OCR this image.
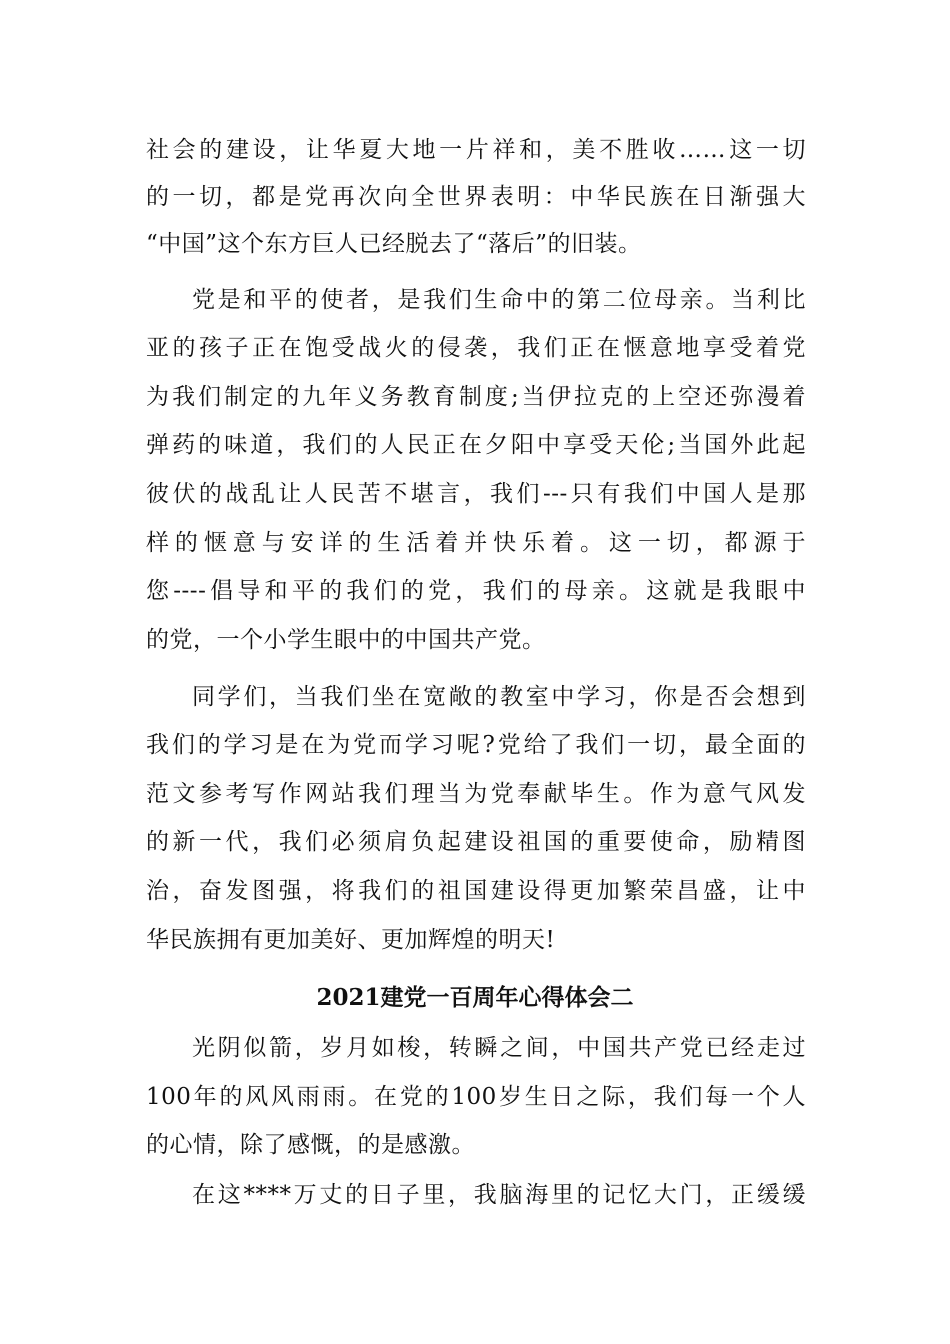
社会的建设，让华夏大地一片祥和，美不胜收……这一切
的一切，都是党再次向全世界表明：中华民族在日渐强大
“中国”这个东方巨人已经脱去了“落后”的旧装。
党是和平的使者，是我们生命中的第二位母亲。当利比
亚的孩子正在饱受战火的侵袭，我们正在惬意地享受着党
为我们制定的九年义务教育制度;当伊拉克的上空还弥漫着
弹药的味道，我们的人民正在夕阳中享受天伦;当国外此起
彼伏的战乱让人民苦不堪言，我们---只有我们中国人是那
样的惬意与安详的生活着并快乐着。这一切，都源于
您----倡导和平的我们的党，我们的母亲。这就是我眼中
的党，一个小学生眼中的中国共产党。
同学们，当我们坐在宽敞的教室中学习，你是否会想到
我们的学习是在为党而学习呢?党给了我们一切，最全面的
范文参考写作网站我们理当为党奉献毕生。作为意气风发
的新一代，我们必须肩负起建设祖国的重要使命，励精图
治，奋发图强，将我们的祖国建设得更加繁荣昌盛，让中
华民族拥有更加美好、更加辉煌的明天!
2021建党一百周年心得体会二
光阴似箭，岁月如梭，转瞬之间，中国共产党已经走过
100年的风风雨雨。在党的100岁生日之际，我们每一个人
的心情，除了感慨，的是感激。
在这****万丈的日子里，我脑海里的记忆大门，正缓缓
